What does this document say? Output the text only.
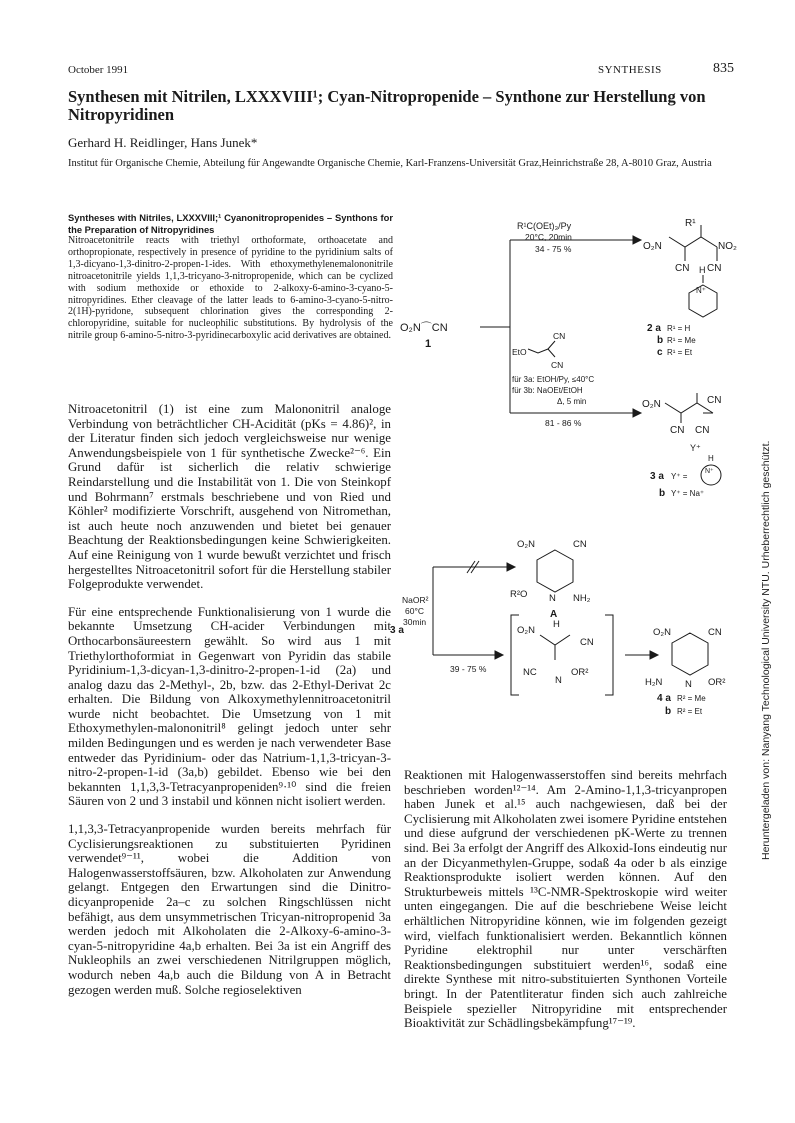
October 1991	SYNTHESIS	835
Synthesen mit Nitrilen, LXXXVIII¹; Cyan-Nitropropenide – Synthone zur Herstellung von Nitropyridinen
Gerhard H. Reidlinger, Hans Junek*
Institut für Organische Chemie, Abteilung für Angewandte Organische Chemie, Karl-Franzens-Universität Graz,Heinrichstraße 28, A-8010 Graz, Austria
Syntheses with Nitriles, LXXXVIII;¹ Cyanonitropropenides – Synthons for the Preparation of Nitropyridines
Nitroacetonitrile reacts with triethyl orthoformate, orthoacetate and orthopropionate, respectively in presence of pyridine to the pyridinium salts of 1,3-dicyano-1,3-dinitro-2-propen-1-ides. With ethoxymethylenemalononitrile nitroacetonitrile yields 1,1,3-tricyano-3-nitropropenide, which can be cyclized with sodium methoxide or ethoxide to 2-alkoxy-6-amino-3-cyano-5-nitropyridines. Ether cleavage of the latter leads to 6-amino-3-cyano-5-nitro-2(1H)-pyridone, subsequent chlorination gives the corresponding 2-chloropyridine, suitable for nucleophilic substitutions. By hydrolysis of the nitrile group 6-amino-5-nitro-3-pyridinecarboxylic acid derivatives are obtained.

Nitroacetonitril (1) ist eine zum Malononitril analoge Verbindung von beträchtlicher CH-Acidität (pKs = 4.86)², in der Literatur finden sich jedoch vergleichsweise nur wenige Anwendungsbeispiele von 1 für synthetische Zwecke²⁻⁶. Ein Grund dafür ist sicherlich die relativ schwierige Reindarstellung und die Instabilität von 1. Die von Steinkopf und Bohrmann⁷ erstmals beschriebene und von Ried und Köhler² modifizierte Vorschrift, ausgehend von Nitromethan, ist auch heute noch anzuwenden und bietet bei genauer Beachtung der Reaktionsbedingungen keine Schwierigkeiten. Auf eine Reinigung von 1 wurde bewußt verzichtet und frisch hergestelltes Nitroacetonitril sofort für die Herstellung stabiler Folgeprodukte verwendet.

Für eine entsprechende Funktionalisierung von 1 wurde die bekannte Umsetzung CH-acider Verbindungen mit Orthocarbonsäureestern gewählt. So wird aus 1 mit Triethylorthoformiat in Gegenwart von Pyridin das stabile Pyridinium-1,3-dicyan-1,3-dinitro-2-propen-1-id (2a) und analog dazu das 2-Methyl-, 2b, bzw. das 2-Ethyl-Derivat 2c erhalten. Die Bildung von Alkoxymethylennitroacetonitril wurde nicht beobachtet. Die Umsetzung von 1 mit Ethoxymethylen-malononitril⁸ gelingt jedoch unter sehr milden Bedingungen und es werden je nach verwendeter Base entweder das Pyridinium- oder das Natrium-1,1,3-tricyan-3-nitro-2-propen-1-id (3a,b) gebildet. Ebenso wie bei den bekannten 1,1,3,3-Tetracyanpropeniden⁹·¹⁰ sind die freien Säuren von 2 und 3 instabil und können nicht isoliert werden.

1,1,3,3-Tetracyanpropenide wurden bereits mehrfach für Cyclisierungsreaktionen zu substituierten Pyridinen verwendet⁹⁻¹¹, wobei die Addition von Halogenwasserstoffsäuren, bzw. Alkoholaten zur Anwendung gelangt. Entgegen den Erwartungen sind die Dinitro-dicyanpropenide 2a–c zu solchen Ringschlüssen nicht befähigt, aus dem unsymmetrischen Tricyan-nitropropenid 3a werden jedoch mit Alkoholaten die 2-Alkoxy-6-amino-3-cyan-5-nitropyridine 4a,b erhalten. Bei 3a ist ein Angriff des Nukleophils an zwei verschiedenen Nitrilgruppen möglich, wodurch neben 4a,b auch die Bildung von A in Betracht gezogen werden muß. Solche regioselektiven

Reaktionen mit Halogenwasserstoffen sind bereits mehrfach beschrieben worden¹²⁻¹⁴. Am 2-Amino-1,1,3-tricyanpropen haben Junek et al.¹⁵ auch nachgewiesen, daß bei der Cyclisierung mit Alkoholaten zwei isomere Pyridine entstehen und diese aufgrund der verschiedenen pK-Werte zu trennen sind. Bei 3a erfolgt der Angriff des Alkoxid-Ions eindeutig nur an der Dicyanmethylen-Gruppe, sodaß 4a oder b als einzige Reaktionsprodukte isoliert werden können. Auf den Strukturbeweis mittels ¹³C-NMR-Spektroskopie wird weiter unten eingegangen. Die auf die beschriebene Weise leicht erhältlichen Nitropyridine können, wie im folgenden gezeigt wird, vielfach funktionalisiert werden. Bekanntlich können Pyridine elektrophil nur unter verschärften Reaktionsbedingungen substituiert werden¹⁶, sodaß eine direkte Synthese mit nitro-substituierten Synthonen Vorteile bringt. In der Patentliteratur finden sich auch zahlreiche Beispiele spezieller Nitropyridine mit entsprechender Bioaktivität zur Schädlingsbekämpfung¹⁷⁻¹⁹.

R¹C(OEt)₃/Py
20°C, 20min
34 - 75 %
O₂N⌒CN
1
R¹
O₂N	NO₂
CN CN
H
N⁺
2 a R¹ = H
b R¹ = Me
c R¹ = Et
EtO
CN
CN
für 3a: EtOH/Py, ≤40°C
für 3b: NaOEt/EtOH
Δ, 5 min
81 - 86 %
O₂N	CN
CN CN
Y⁺
3 a Y⁺ =
H
N⁺
b Y⁺ = Na⁺
O₂N	CN
R²O N NH₂
A
NaOR²
60°C
30min
3 a
39 - 75 %
O₂N
H
CN
NC
N
OR²
O₂N	CN
H₂N N OR²
4 a R² = Me
b R² = Et	Heruntergeladen von: Nanyang Technological University NTU. Urheberrechtlich geschützt.
